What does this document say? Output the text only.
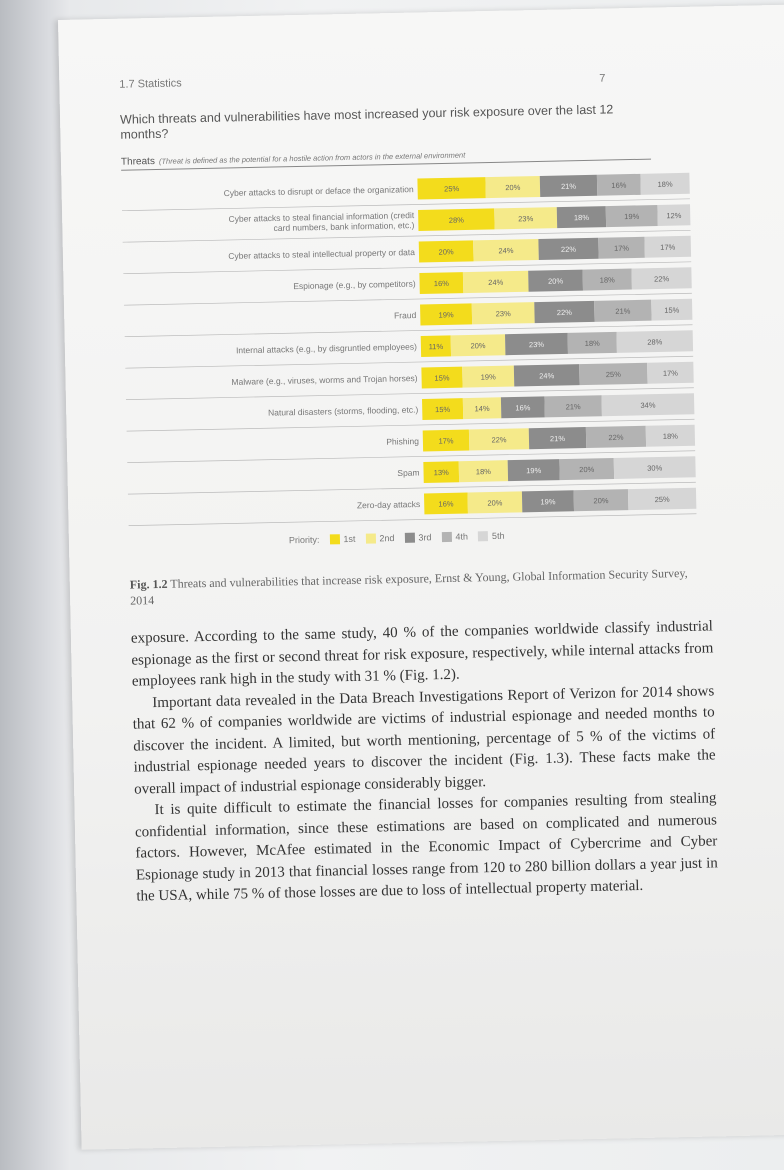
1.7 Statistics	7
Which threats and vulnerabilities have most increased your risk exposure over the last 12 months?
Threats (Threat is defined as the potential for a hostile action from actors in the external environment
Cyber attacks to disrupt or deface the organization	25%	20%	21%	16%	18%
Cyber attacks to steal financial information (credit
card numbers, bank information, etc.)	28%	23%	18%	19%	12%
Cyber attacks to steal intellectual property or data	20%	24%	22%	17%	17%
Espionage (e.g., by competitors) 16%	24%	20%	18%	22%
Fraud	19%	23%	22%	21%	15%
Internal attacks (e.g., by disgruntled employees) 11%	20%	23%	18%	28%
Malware (e.g., viruses, worms and Trojan horses) 15%	19%	24%	25%	17%
Natural disasters (storms, flooding, etc.) 15%	14%	16%	21%	34%
Phishing	17%	22%	21%	22%	18%
Spam 13%	18%	19%	20%	30%
Zero-day attacks 16%	20%	19%	20%	25%
Priority:	1st	2nd	3rd	4th	5th
Fig. 1.2 Threats and vulnerabilities that increase risk exposure, Ernst & Young, Global Information Security Survey, 2014

exposure. According to the same study, 40 % of the companies worldwide classify industrial espionage as the first or second threat for risk exposure, respectively, while internal attacks from employees rank high in the study with 31 % (Fig. 1.2).

Important data revealed in the Data Breach Investigations Report of Verizon for 2014 shows that 62 % of companies worldwide are victims of industrial espionage and needed months to discover the incident. A limited, but worth mentioning, percentage of 5 % of the victims of industrial espionage needed years to discover the incident (Fig. 1.3). These facts make the overall impact of industrial espionage considerably bigger.

It is quite difficult to estimate the financial losses for companies resulting from stealing confidential information, since these estimations are based on complicated and numerous factors. However, McAfee estimated in the Economic Impact of Cybercrime and Cyber Espionage study in 2013 that financial losses range from 120 to 280 billion dollars a year just in the USA, while 75 % of those losses are due to loss of intellectual property material.
